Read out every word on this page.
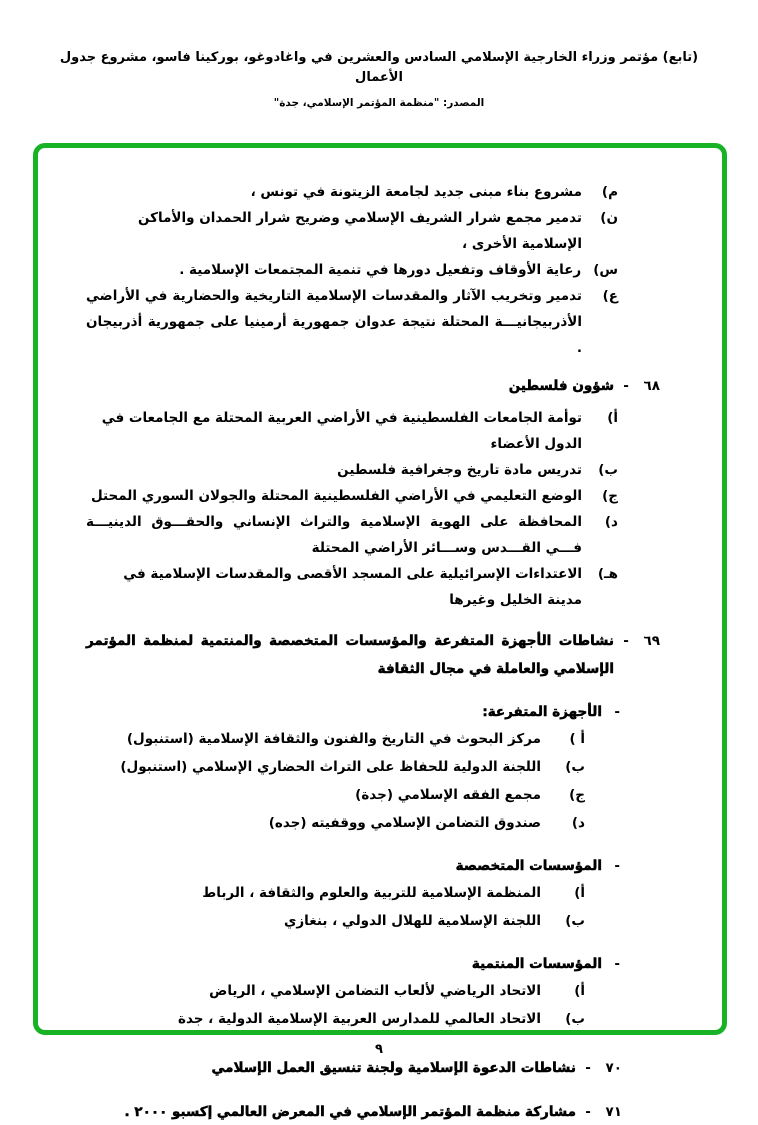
(تابع) مؤتمر وزراء الخارجية الإسلامي السادس والعشرين في واغادوغو، بوركينا فاسو، مشروع جدول الأعمال
المصدر: "منظمة المؤتمر الإسلامي، جدة"
م)
مشروع بناء مبنى جديد لجامعة الزيتونة في تونس ،
ن)
تدمير مجمع شرار الشريف الإسلامي وضريح شرار الحمدان والأماكن الإسلامية الأخرى ،
س)
رعاية الأوقاف وتفعيل دورها في تنمية المجتمعات الإسلامية .
ع)
تدمير وتخريب الآثار والمقدسات الإسلامية التاريخية والحضارية في الأراضي الأذربيجانيـــة المحتلة نتيجة عدوان جمهورية أرمينيا على جمهورية أذربيجان .
٦٨
-
شؤون فلسطين
أ)
توأمة الجامعات الفلسطينية في الأراضي العربية المحتلة مع الجامعات في الدول الأعضاء
ب)
تدريس مادة تاريخ وجغرافية فلسطين
ج)
الوضع التعليمي في الأراضي الفلسطينية المحتلة والجولان السوري المحتل
د)
المحافظة على الهوية الإسلامية والتراث الإنساني والحقـــوق الدينيـــة فـــي القـــدس وســـائر الأراضي المحتلة
هـ)
الاعتداءات الإسرائيلية على المسجد الأقصى والمقدسات الإسلامية في مدينة الخليل وغيرها
٦٩
-
نشاطات الأجهزة المتفرعة والمؤسسات المتخصصة والمنتمية لمنظمة المؤتمر الإسلامي والعاملة في مجال الثقافة
-
الأجهزة المتفرعة:
أ )
مركز البحوث في التاريخ والفنون والثقافة الإسلامية (استنبول)
ب)
اللجنة الدولية للحفاظ على التراث الحضاري الإسلامي (استنبول)
ج)
مجمع الفقه الإسلامي (جدة)
د)
صندوق التضامن الإسلامي ووقفيته (جده)
-
المؤسسات المتخصصة
أ)
المنظمة الإسلامية للتربية والعلوم والثقافة ، الرباط
ب)
اللجنة الإسلامية للهلال الدولي ، بنغازي
-
المؤسسات المنتمية
أ)
الاتحاد الرياضي لألعاب التضامن الإسلامي ، الرياض
ب)
الاتحاد العالمي للمدارس العربية الإسلامية الدولية ، جدة
٧٠
-
نشاطات الدعوة الإسلامية ولجنة تنسيق العمل الإسلامي
٧١
-
مشاركة منظمة المؤتمر الإسلامي في المعرض العالمي إكسبو ٢٠٠٠ .
٩
